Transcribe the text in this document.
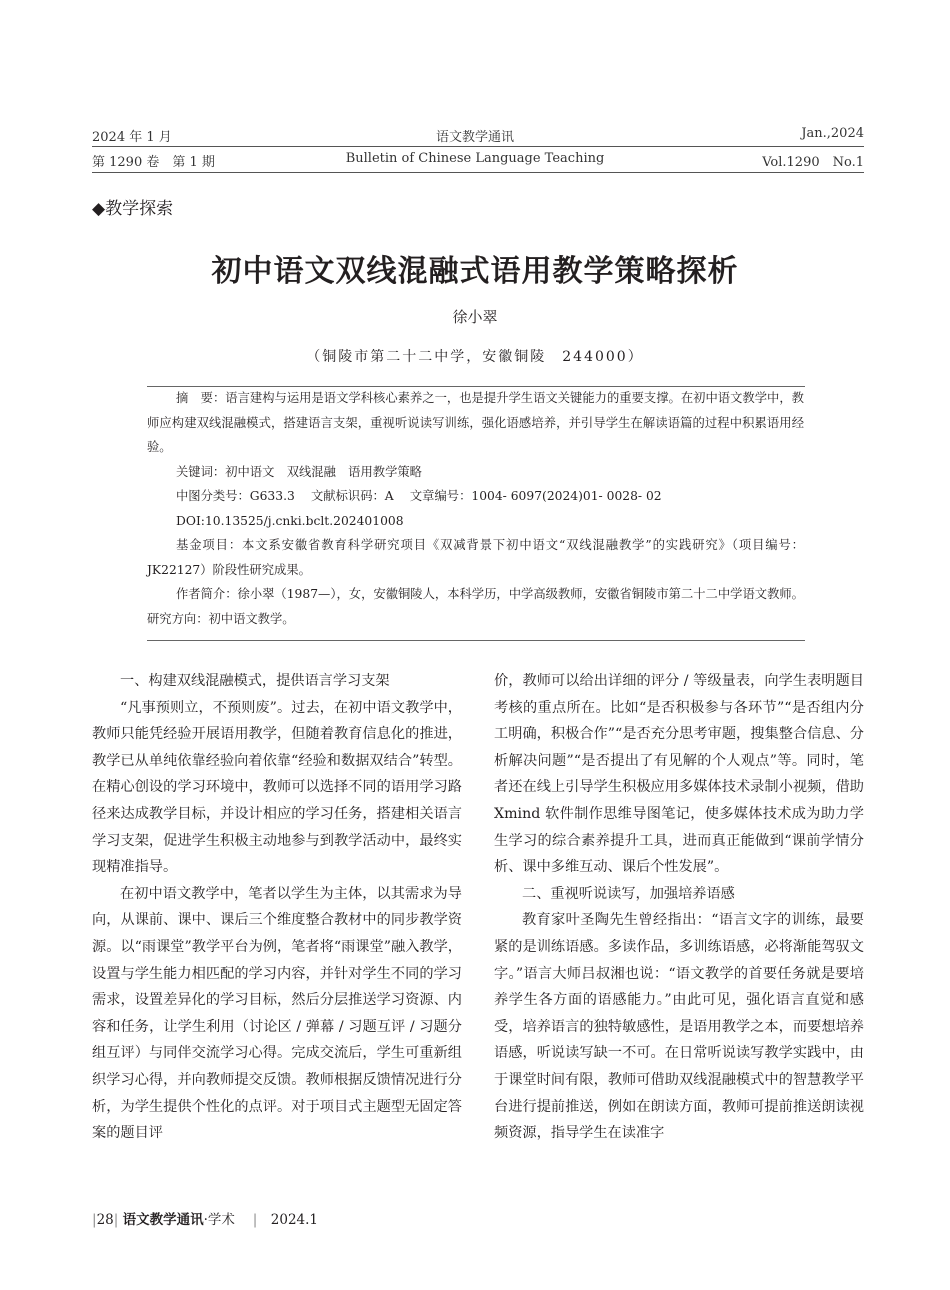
2024 年 1 月	语文教学通讯	Jan.,2024
第 1290 卷　第 1 期	Bulletin of Chinese Language Teaching	Vol.1290　No.1
◆教学探索
初中语文双线混融式语用教学策略探析
徐小翠
（铜陵市第二十二中学，安徽铜陵　244000）

摘　要：语言建构与运用是语文学科核心素养之一，也是提升学生语文关键能力的重要支撑。在初中语文教学中，教师应构建双线混融模式，搭建语言支架，重视听说读写训练，强化语感培养，并引导学生在解读语篇的过程中积累语用经验。

关键词：初中语文　双线混融　语用教学策略

中图分类号：G633.3　 文献标识码：A　 文章编号：1004- 6097(2024)01- 0028- 02

DOI:10.13525/j.cnki.bclt.202401008

基金项目：本文系安徽省教育科学研究项目《双减背景下初中语文“双线混融教学”的实践研究》（项目编号：JK22127）阶段性研究成果。

作者简介：徐小翠（1987—），女，安徽铜陵人，本科学历，中学高级教师，安徽省铜陵市第二十二中学语文教师。研究方向：初中语文教学。

一、构建双线混融模式，提供语言学习支架

“凡事预则立，不预则废”。过去，在初中语文教学中，教师只能凭经验开展语用教学，但随着教育信息化的推进，教学已从单纯依靠经验向着依靠“经验和数据双结合”转型。在精心创设的学习环境中，教师可以选择不同的语用学习路径来达成教学目标，并设计相应的学习任务，搭建相关语言学习支架，促进学生积极主动地参与到教学活动中，最终实现精准指导。

在初中语文教学中，笔者以学生为主体，以其需求为导向，从课前、课中、课后三个维度整合教材中的同步教学资源。以“雨课堂”教学平台为例，笔者将“雨课堂”融入教学，设置与学生能力相匹配的学习内容，并针对学生不同的学习需求，设置差异化的学习目标，然后分层推送学习资源、内容和任务，让学生利用（讨论区 / 弹幕 / 习题互评 / 习题分组互评）与同伴交流学习心得。完成交流后，学生可重新组织学习心得，并向教师提交反馈。教师根据反馈情况进行分析，为学生提供个性化的点评。对于项目式主题型无固定答案的题目评

价，教师可以给出详细的评分 / 等级量表，向学生表明题目考核的重点所在。比如“是否积极参与各环节”“是否组内分工明确，积极合作”“是否充分思考审题，搜集整合信息、分析解决问题”“是否提出了有见解的个人观点”等。同时，笔者还在线上引导学生积极应用多媒体技术录制小视频，借助 Xmind 软件制作思维导图笔记，使多媒体技术成为助力学生学习的综合素养提升工具，进而真正能做到“课前学情分析、课中多维互动、课后个性发展”。

二、重视听说读写，加强培养语感

教育家叶圣陶先生曾经指出：“语言文字的训练，最要紧的是训练语感。多读作品，多训练语感，必将渐能驾驭文字。”语言大师吕叔湘也说：“语文教学的首要任务就是要培养学生各方面的语感能力。”由此可见，强化语言直觉和感受，培养语言的独特敏感性，是语用教学之本，而要想培养语感，听说读写缺一不可。在日常听说读写教学实践中，由于课堂时间有限，教师可借助双线混融模式中的智慧教学平台进行提前推送，例如在朗读方面，教师可提前推送朗读视频资源，指导学生在读准字

|28| 语文教学通讯·学术 　|　2024.1
